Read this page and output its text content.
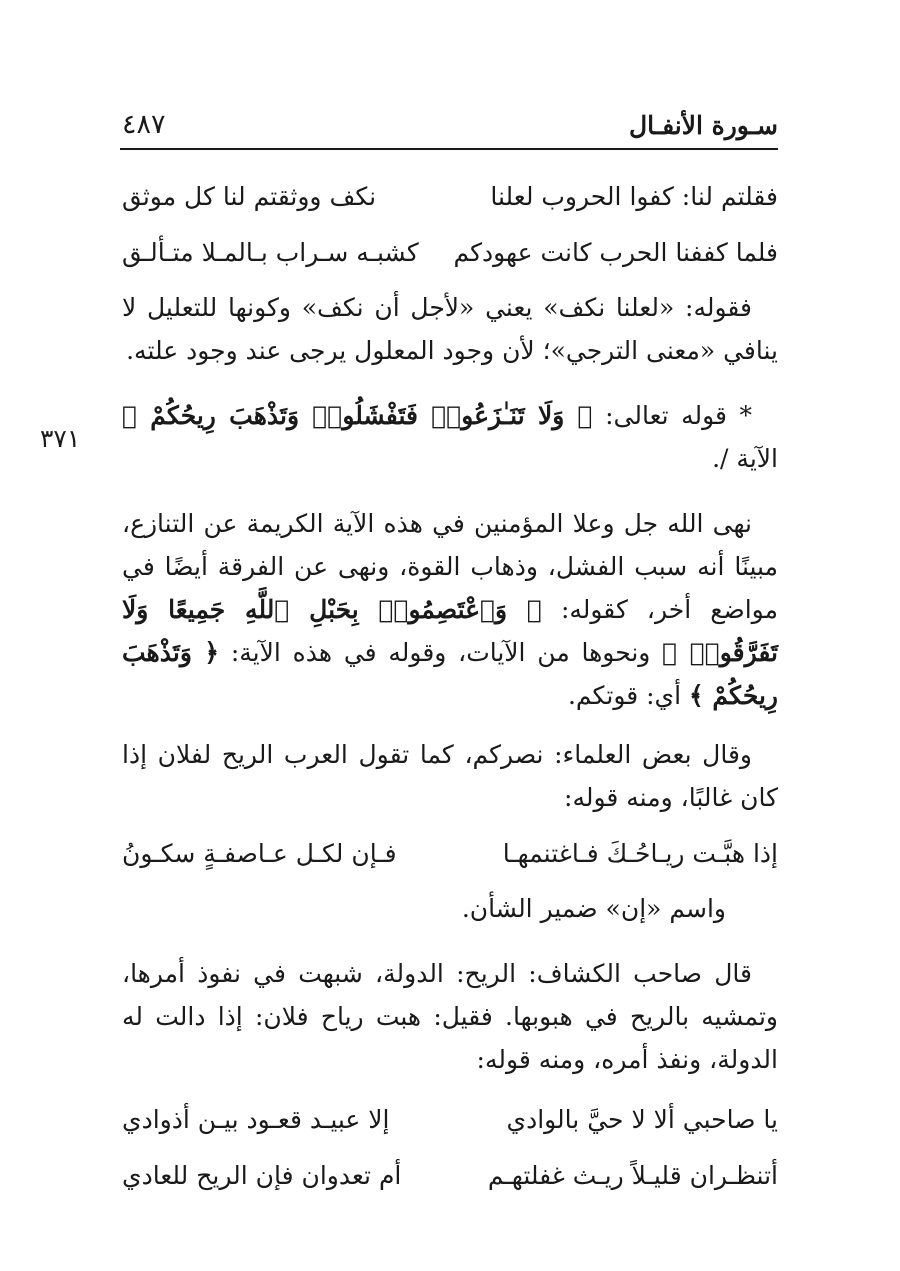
سـورة الأنفـال
٤٨٧
٣٧١
فقلتم لنا: كفوا الحروب لعلنا
نكف ووثقتم لنا كل موثق
فلما كففنا الحرب كانت عهودكم
كشبـه سـراب بـالمـلا متـألـق

فقوله: «لعلنا نكف» يعني «لأجل أن نكف» وكونها للتعليل لا ينافي «معنى الترجي»؛ لأن وجود المعلول يرجى عند وجود علته.

* قوله تعالى: ﴿ وَلَا تَنَـٰزَعُوا۟ فَتَفْشَلُوا۟ وَتَذْهَبَ رِيحُكُمْ ﴾ الآية /.

نهى الله جل وعلا المؤمنين في هذه الآية الكريمة عن التنازع، مبينًا أنه سبب الفشل، وذهاب القوة، ونهى عن الفرقة أيضًا في مواضع أخر، كقوله: ﴿ وَٱعْتَصِمُوا۟ بِحَبْلِ ٱللَّهِ جَمِيعًا وَلَا تَفَرَّقُوا۟ ﴾ ونحوها من الآيات، وقوله في هذه الآية: ﴿ وَتَذْهَبَ رِيحُكُمْ ﴾ أي: قوتكم.

وقال بعض العلماء: نصركم، كما تقول العرب الريح لفلان إذا كان غالبًا، ومنه قوله:

إذا هبَّـت ريـاحُـكَ فـاغتنمهـا
فـإن لكـل عـاصفـةٍ سكـونُ

واسم «إن» ضمير الشأن.

قال صاحب الكشاف: الريح: الدولة، شبهت في نفوذ أمرها، وتمشيه بالريح في هبوبها. فقيل: هبت رياح فلان: إذا دالت له الدولة، ونفذ أمره، ومنه قوله:

يا صاحبي ألا لا حيَّ بالوادي
إلا عبيـد قعـود بيـن أذوادي
أتنظـران قليـلاً ريـث غفلتهـم
أم تعدوان فإن الريح للعادي
